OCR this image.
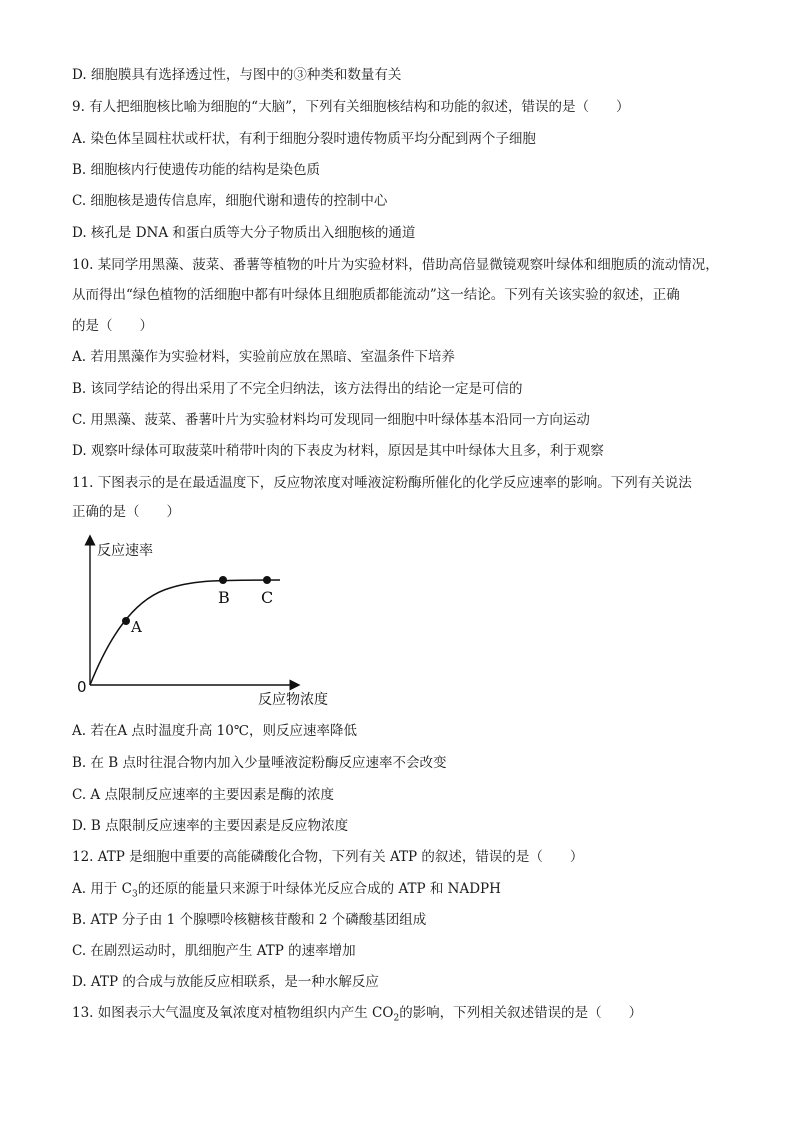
D. 细胞膜具有选择透过性，与图中的③种类和数量有关
9. 有人把细胞核比喻为细胞的“大脑”，下列有关细胞核结构和功能的叙述，错误的是（　　）
A. 染色体呈圆柱状或杆状，有利于细胞分裂时遗传物质平均分配到两个子细胞
B. 细胞核内行使遗传功能的结构是染色质
C. 细胞核是遗传信息库，细胞代谢和遗传的控制中心
D. 核孔是 DNA 和蛋白质等大分子物质出入细胞核的通道
10. 某同学用黑藻、菠菜、番薯等植物的叶片为实验材料，借助高倍显微镜观察叶绿体和细胞质的流动情况，
从而得出“绿色植物的活细胞中都有叶绿体且细胞质都能流动”这一结论。下列有关该实验的叙述，正确
的是（　　）
A. 若用黑藻作为实验材料，实验前应放在黑暗、室温条件下培养
B. 该同学结论的得出采用了不完全归纳法，该方法得出的结论一定是可信的
C. 用黑藻、菠菜、番薯叶片为实验材料均可发现同一细胞中叶绿体基本沿同一方向运动
D. 观察叶绿体可取菠菜叶稍带叶肉的下表皮为材料，原因是其中叶绿体大且多，利于观察
11. 下图表示的是在最适温度下，反应物浓度对唾液淀粉酶所催化的化学反应速率的影响。下列有关说法
正确的是（　　）
反应速率
反应物浓度
0
A
B C
A. 若在A 点时温度升高 10℃，则反应速率降低
B. 在 B 点时往混合物内加入少量唾液淀粉酶反应速率不会改变
C. A 点限制反应速率的主要因素是酶的浓度
D. B 点限制反应速率的主要因素是反应物浓度
12. ATP 是细胞中重要的高能磷酸化合物，下列有关 ATP 的叙述，错误的是（　　）
A. 用于 $C_3$的还原的能量只来源于叶绿体光反应合成的 ATP 和 NADPH
B. ATP 分子由 1 个腺嘌呤核糖核苷酸和 2 个磷酸基团组成
C. 在剧烈运动时，肌细胞产生 ATP 的速率增加
D. ATP 的合成与放能反应相联系，是一种水解反应
13. 如图表示大气温度及氧浓度对植物组织内产生 $CO_2$的影响，下列相关叙述错误的是（　　）
